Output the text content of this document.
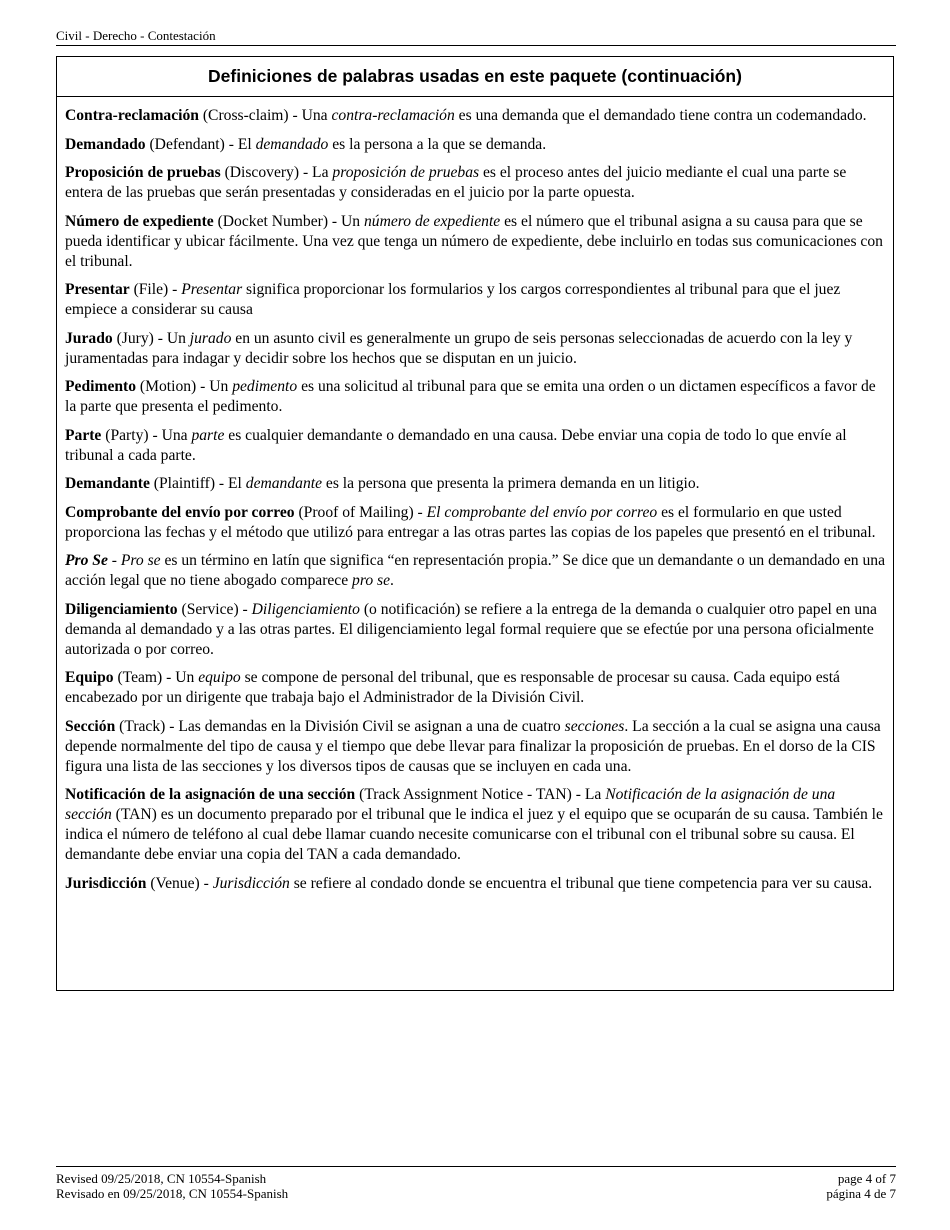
Civil - Derecho - Contestación
Definiciones de palabras usadas en este paquete (continuación)

Contra-reclamación (Cross-claim) - Una contra-reclamación es una demanda que el demandado tiene contra un codemandado.

Demandado (Defendant) - El demandado es la persona a la que se demanda.

Proposición de pruebas (Discovery) - La proposición de pruebas es el proceso antes del juicio mediante el cual una parte se entera de las pruebas que serán presentadas y consideradas en el juicio por la parte opuesta.

Número de expediente (Docket Number) - Un número de expediente es el número que el tribunal asigna a su causa para que se pueda identificar y ubicar fácilmente. Una vez que tenga un número de expediente, debe incluirlo en todas sus comunicaciones con el tribunal.

Presentar (File) - Presentar significa proporcionar los formularios y los cargos correspondientes al tribunal para que el juez empiece a considerar su causa

Jurado (Jury) - Un jurado en un asunto civil es generalmente un grupo de seis personas seleccionadas de acuerdo con la ley y juramentadas para indagar y decidir sobre los hechos que se disputan en un juicio.

Pedimento (Motion) - Un pedimento es una solicitud al tribunal para que se emita una orden o un dictamen específicos a favor de la parte que presenta el pedimento.

Parte (Party) - Una parte es cualquier demandante o demandado en una causa. Debe enviar una copia de todo lo que envíe al tribunal a cada parte.

Demandante (Plaintiff) - El demandante es la persona que presenta la primera demanda en un litigio.

Comprobante del envío por correo (Proof of Mailing) - El comprobante del envío por correo es el formulario en que usted proporciona las fechas y el método que utilizó para entregar a las otras partes las copias de los papeles que presentó en el tribunal.

Pro Se - Pro se es un término en latín que significa “en representación propia.” Se dice que un demandante o un demandado en una acción legal que no tiene abogado comparece pro se.

Diligenciamiento (Service) - Diligenciamiento (o notificación) se refiere a la entrega de la demanda o cualquier otro papel en una demanda al demandado y a las otras partes. El diligenciamiento legal formal requiere que se efectúe por una persona oficialmente autorizada o por correo.

Equipo (Team) - Un equipo se compone de personal del tribunal, que es responsable de procesar su causa. Cada equipo está encabezado por un dirigente que trabaja bajo el Administrador de la División Civil.

Sección (Track) - Las demandas en la División Civil se asignan a una de cuatro secciones. La sección a la cual se asigna una causa depende normalmente del tipo de causa y el tiempo que debe llevar para finalizar la proposición de pruebas. En el dorso de la CIS figura una lista de las secciones y los diversos tipos de causas que se incluyen en cada una.

Notificación de la asignación de una sección (Track Assignment Notice - TAN) - La Notificación de la asignación de una sección (TAN) es un documento preparado por el tribunal que le indica el juez y el equipo que se ocuparán de su causa. También le indica el número de teléfono al cual debe llamar cuando necesite comunicarse con el tribunal con el tribunal sobre su causa. El demandante debe enviar una copia del TAN a cada demandado.

Jurisdicción (Venue) - Jurisdicción se refiere al condado donde se encuentra el tribunal que tiene competencia para ver su causa.

Revised 09/25/2018, CN 10554-Spanish
Revisado en 09/25/2018, CN 10554-Spanish
page 4 of 7
página 4 de 7
